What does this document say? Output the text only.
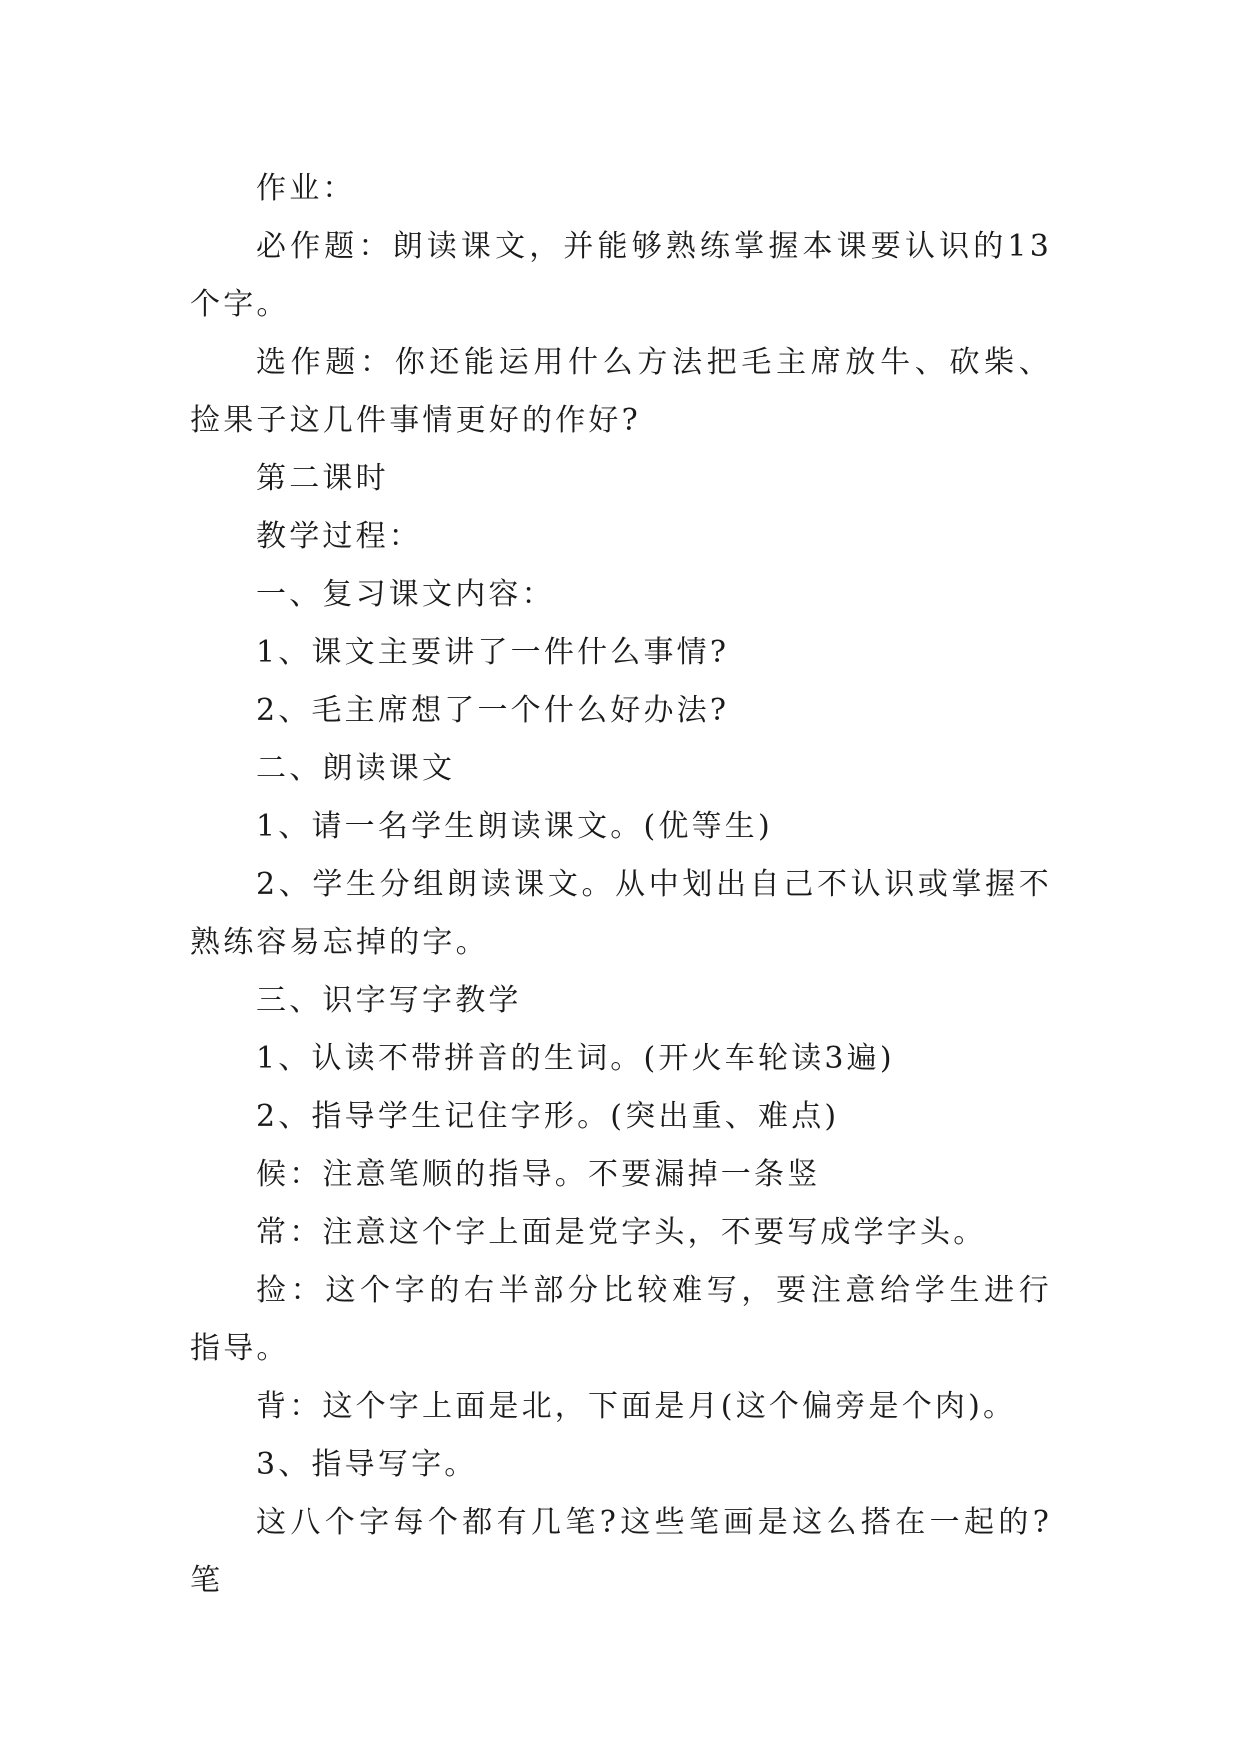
作业：

必作题：朗读课文，并能够熟练掌握本课要认识的13个字。

选作题：你还能运用什么方法把毛主席放牛、砍柴、捡果子这几件事情更好的作好?

第二课时

教学过程：

一、复习课文内容：

1、课文主要讲了一件什么事情?

2、毛主席想了一个什么好办法?

二、朗读课文

1、请一名学生朗读课文。(优等生)

2、学生分组朗读课文。从中划出自己不认识或掌握不熟练容易忘掉的字。

三、识字写字教学

1、认读不带拼音的生词。(开火车轮读3遍)

2、指导学生记住字形。(突出重、难点)

候：注意笔顺的指导。不要漏掉一条竖

常：注意这个字上面是党字头，不要写成学字头。

捡：这个字的右半部分比较难写，要注意给学生进行指导。

背：这个字上面是北，下面是月(这个偏旁是个肉)。

3、指导写字。

这八个字每个都有几笔?这些笔画是这么搭在一起的?笔
